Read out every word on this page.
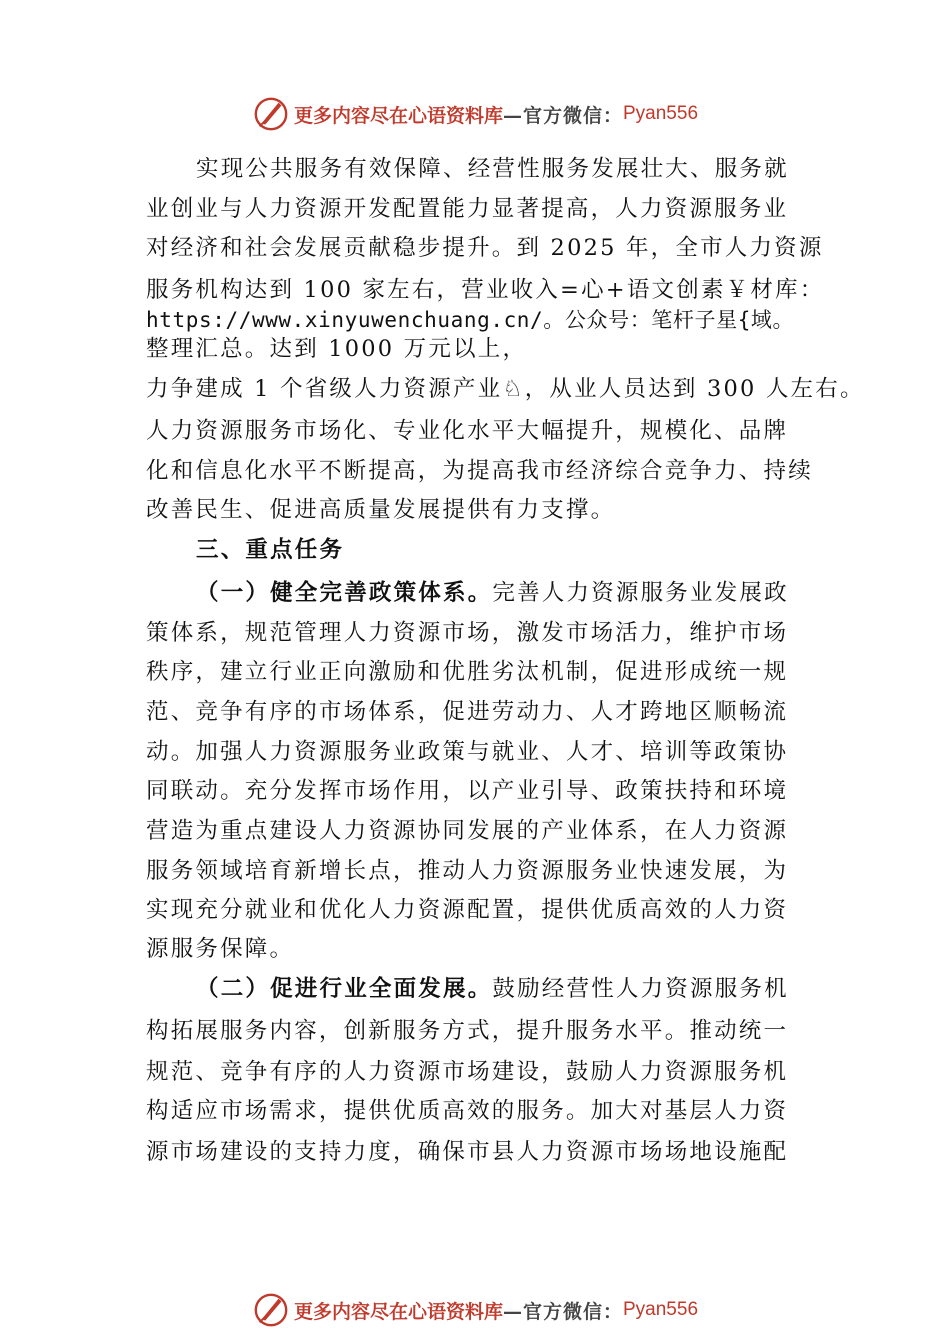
更多内容尽在心语资料库 —官方微信： Pyan556
实现公共服务有效保障、经营性服务发展壮大、服务就
业创业与人力资源开发配置能力显著提高，人力资源服务业
对经济和社会发展贡献稳步提升。到 2025 年，全市人力资源
服务机构达到 100 家左右，营业收入=心+语文创素￥材库：
https://www.xinyuwenchuang.cn/。公众号：笔杆子星{域。
整理汇总。达到 1000 万元以上，
力争建成 1 个省级人力资源产业♘，从业人员达到 300 人左右。
人力资源服务市场化、专业化水平大幅提升，规模化、品牌
化和信息化水平不断提高，为提高我市经济综合竞争力、持续
改善民生、促进高质量发展提供有力支撑。
三、重点任务
（一）健全完善政策体系。完善人力资源服务业发展政
策体系，规范管理人力资源市场，激发市场活力，维护市场
秩序，建立行业正向激励和优胜劣汰机制，促进形成统一规
范、竞争有序的市场体系，促进劳动力、人才跨地区顺畅流
动。加强人力资源服务业政策与就业、人才、培训等政策协
同联动。充分发挥市场作用，以产业引导、政策扶持和环境
营造为重点建设人力资源协同发展的产业体系，在人力资源
服务领域培育新增长点，推动人力资源服务业快速发展，为
实现充分就业和优化人力资源配置，提供优质高效的人力资
源服务保障。
（二）促进行业全面发展。鼓励经营性人力资源服务机
构拓展服务内容，创新服务方式，提升服务水平。推动统一
规范、竞争有序的人力资源市场建设，鼓励人力资源服务机
构适应市场需求，提供优质高效的服务。加大对基层人力资
源市场建设的支持力度，确保市县人力资源市场场地设施配
更多内容尽在心语资料库 —官方微信： Pyan556
